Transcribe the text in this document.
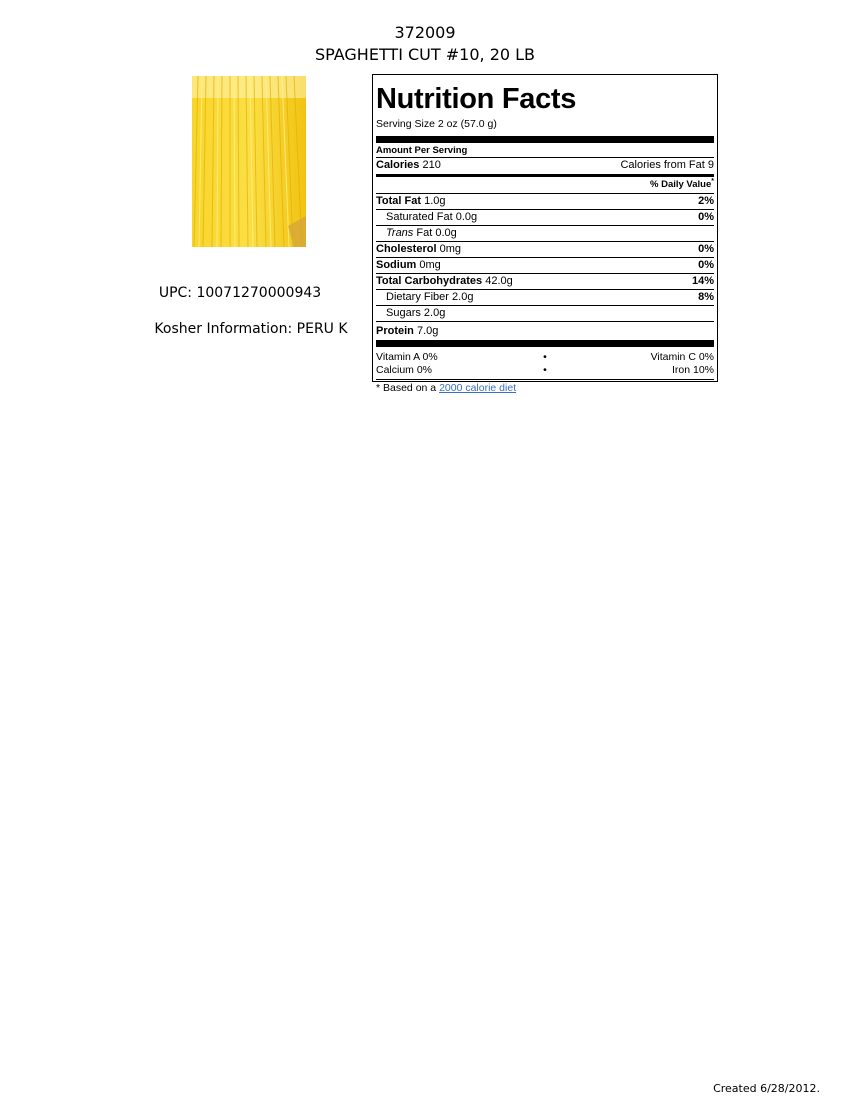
372009
SPAGHETTI CUT #10, 20 LB
UPC: 10071270000943
Kosher Information: PERU K
Nutrition Facts
Serving Size 2 oz (57.0 g)
Amount Per Serving
Calories 210	Calories from Fat 9
% Daily Value*
Total Fat 1.0g	2%
Saturated Fat 0.0g	0%
Trans Fat 0.0g
Cholesterol 0mg	0%
Sodium 0mg	0%
Total Carbohydrates 42.0g	14%
Dietary Fiber 2.0g	8%
Sugars 2.0g
Protein 7.0g
Vitamin A 0%	•	Vitamin C 0%
Calcium 0%	•	Iron 10%
* Based on a 2000 calorie diet
Created 6/28/2012.
